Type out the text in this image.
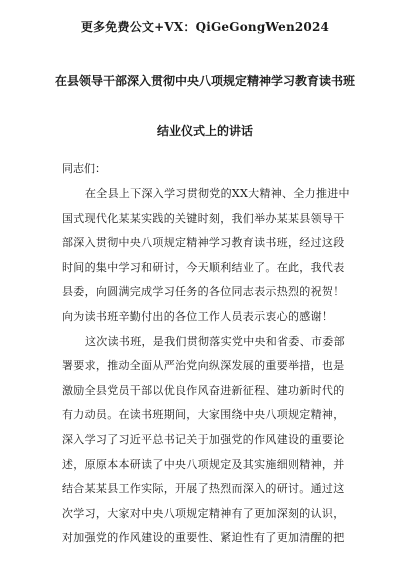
更多免费公文+VX：QiGeGongWen2024
在县领导干部深入贯彻中央八项规定精神学习教育读书班
结业仪式上的讲话
同志们：
在全县上下深入学习贯彻党的XX大精神、全力推进中
国式现代化某某实践的关键时刻，我们举办某某县领导干
部深入贯彻中央八项规定精神学习教育读书班，经过这段
时间的集中学习和研讨，今天顺利结业了。在此，我代表
县委，向圆满完成学习任务的各位同志表示热烈的祝贺！
向为读书班辛勤付出的各位工作人员表示衷心的感谢！
这次读书班，是我们贯彻落实党中央和省委、市委部
署要求，推动全面从严治党向纵深发展的重要举措，也是
激励全县党员干部以优良作风奋进新征程、建功新时代的
有力动员。在读书班期间，大家围绕中央八项规定精神，
深入学习了习近平总书记关于加强党的作风建设的重要论
述，原原本本研读了中央八项规定及其实施细则精神，并
结合某某县工作实际，开展了热烈而深入的研讨。通过这
次学习，大家对中央八项规定精神有了更加深刻的认识，
对加强党的作风建设的重要性、紧迫性有了更加清醒的把
